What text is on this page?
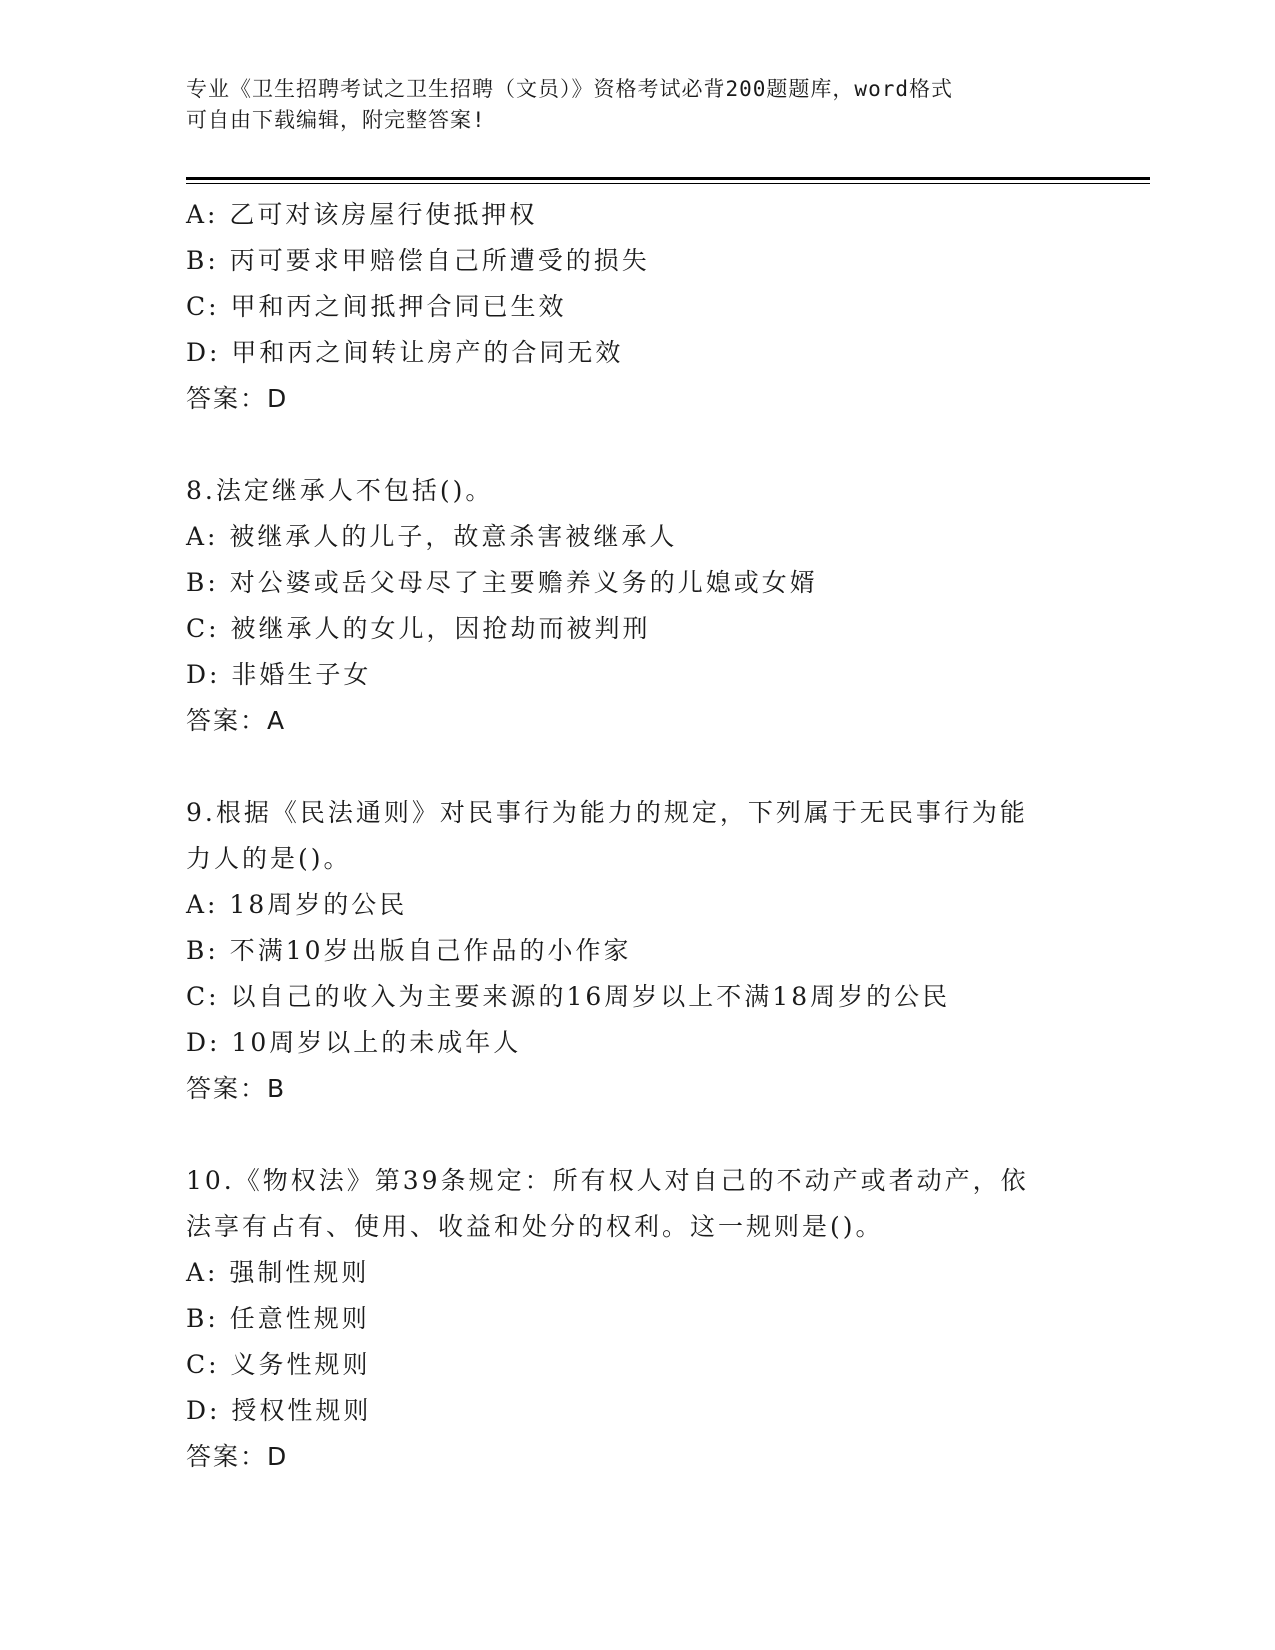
专业《卫生招聘考试之卫生招聘（文员）》资格考试必背200题题库，word格式
可自由下载编辑，附完整答案!
A: 乙可对该房屋行使抵押权
B: 丙可要求甲赔偿自己所遭受的损失
C: 甲和丙之间抵押合同已生效
D: 甲和丙之间转让房产的合同无效
答案：D
8.法定继承人不包括()。
A: 被继承人的儿子，故意杀害被继承人
B: 对公婆或岳父母尽了主要赡养义务的儿媳或女婿
C: 被继承人的女儿，因抢劫而被判刑
D: 非婚生子女
答案：A
9.根据《民法通则》对民事行为能力的规定，下列属于无民事行为能
力人的是()。
A: 18周岁的公民
B: 不满10岁出版自己作品的小作家
C: 以自己的收入为主要来源的16周岁以上不满18周岁的公民
D: 10周岁以上的未成年人
答案：B
10.《物权法》第39条规定：所有权人对自己的不动产或者动产，依
法享有占有、使用、收益和处分的权利。这一规则是()。
A: 强制性规则
B: 任意性规则
C: 义务性规则
D: 授权性规则
答案：D
